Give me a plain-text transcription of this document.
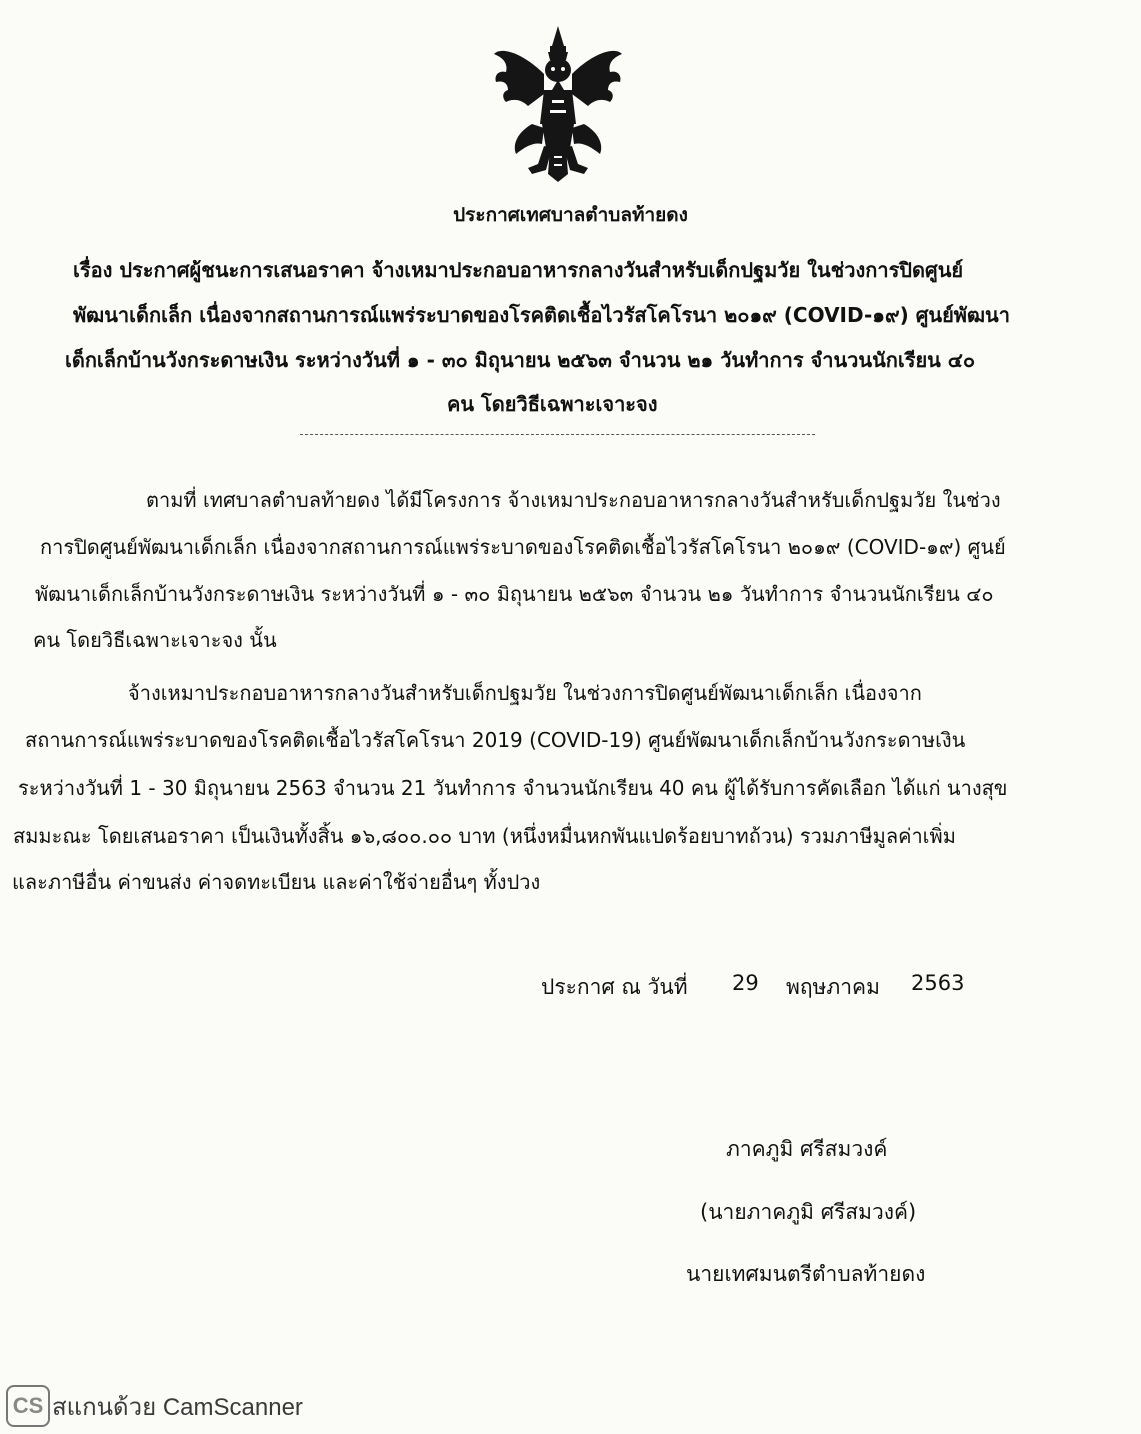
ประกาศเทศบาลตำบลท้ายดง
เรื่อง ประกาศผู้ชนะการเสนอราคา จ้างเหมาประกอบอาหารกลางวันสำหรับเด็กปฐมวัย ในช่วงการปิดศูนย์
พัฒนาเด็กเล็ก เนื่องจากสถานการณ์แพร่ระบาดของโรคติดเชื้อไวรัสโคโรนา ๒๐๑๙ (COVID-๑๙) ศูนย์พัฒนา
เด็กเล็กบ้านวังกระดาษเงิน ระหว่างวันที่ ๑ - ๓๐ มิถุนายน ๒๕๖๓ จำนวน ๒๑ วันทำการ จำนวนนักเรียน ๔๐
คน โดยวิธีเฉพาะเจาะจง
ตามที่ เทศบาลตำบลท้ายดง ได้มีโครงการ จ้างเหมาประกอบอาหารกลางวันสำหรับเด็กปฐมวัย ในช่วง
การปิดศูนย์พัฒนาเด็กเล็ก เนื่องจากสถานการณ์แพร่ระบาดของโรคติดเชื้อไวรัสโคโรนา ๒๐๑๙ (COVID-๑๙) ศูนย์
พัฒนาเด็กเล็กบ้านวังกระดาษเงิน ระหว่างวันที่ ๑ - ๓๐ มิถุนายน ๒๕๖๓ จำนวน ๒๑ วันทำการ จำนวนนักเรียน ๔๐
คน โดยวิธีเฉพาะเจาะจง นั้น
จ้างเหมาประกอบอาหารกลางวันสำหรับเด็กปฐมวัย ในช่วงการปิดศูนย์พัฒนาเด็กเล็ก เนื่องจาก
สถานการณ์แพร่ระบาดของโรคติดเชื้อไวรัสโคโรนา 2019 (COVID-19) ศูนย์พัฒนาเด็กเล็กบ้านวังกระดาษเงิน
ระหว่างวันที่ 1 - 30 มิถุนายน 2563 จำนวน 21 วันทำการ จำนวนนักเรียน 40 คน ผู้ได้รับการคัดเลือก ได้แก่ นางสุข
สมมะณะ โดยเสนอราคา เป็นเงินทั้งสิ้น ๑๖,๘๐๐.๐๐ บาท (หนึ่งหมื่นหกพันแปดร้อยบาทถ้วน) รวมภาษีมูลค่าเพิ่ม
และภาษีอื่น ค่าขนส่ง ค่าจดทะเบียน และค่าใช้จ่ายอื่นๆ ทั้งปวง
ประกาศ ณ วันที่ 29 พฤษภาคม 2563
ภาคภูมิ ศรีสมวงค์
(นายภาคภูมิ ศรีสมวงค์)
นายเทศมนตรีตำบลท้ายดง
CS สแกนด้วย CamScanner
